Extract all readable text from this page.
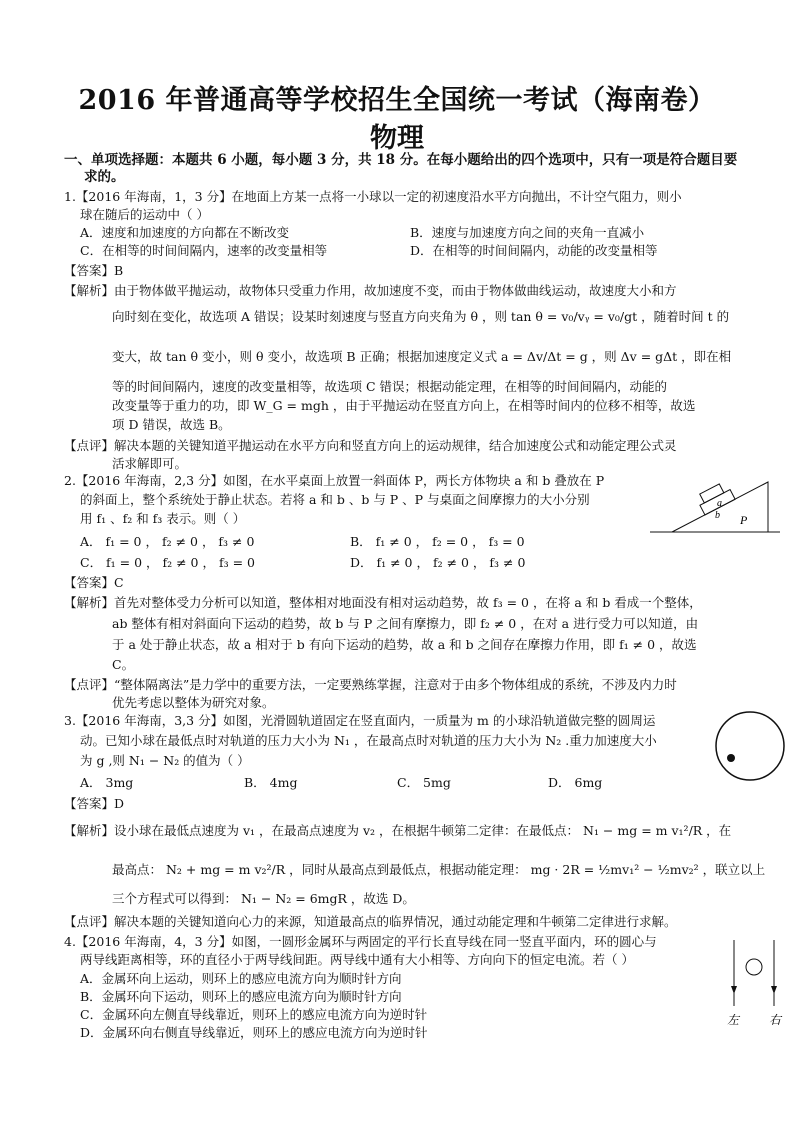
2016 年普通高等学校招生全国统一考试（海南卷）
物理
一、单项选择题：本题共 6 小题，每小题 3 分，共 18 分。在每小题给出的四个选项中，只有一项是符合题目要
求的。
1.【2016 年海南，1，3 分】在地面上方某一点将一小球以一定的初速度沿水平方向抛出，不计空气阻力，则小
球在随后的运动中（ ）
A．速度和加速度的方向都在不断改变	B．速度与加速度方向之间的夹角一直减小
C．在相等的时间间隔内，速率的改变量相等	D．在相等的时间间隔内，动能的改变量相等
【答案】B
【解析】由于物体做平抛运动，故物体只受重力作用，故加速度不变，而由于物体做曲线运动，故速度大小和方
向时刻在变化，故选项 A 错误；设某时刻速度与竖直方向夹角为 θ ，则 tan θ = v₀/vᵧ = v₀/gt ，随着时间 t 的
变大，故 tan θ 变小，则 θ 变小，故选项 B 正确；根据加速度定义式 a = Δv/Δt = g ，则 Δv = gΔt ，即在相
等的时间间隔内，速度的改变量相等，故选项 C 错误；根据动能定理，在相等的时间间隔内，动能的
改变量等于重力的功，即 W_G = mgh ，由于平抛运动在竖直方向上，在相等时间内的位移不相等，故选
项 D 错误，故选 B。
【点评】解决本题的关键知道平抛运动在水平方向和竖直方向上的运动规律，结合加速度公式和动能定理公式灵
活求解即可。
2.【2016 年海南，2,3 分】如图，在水平桌面上放置一斜面体 P，两长方体物块 a 和 b 叠放在 P
的斜面上，整个系统处于静止状态。若将 a 和 b 、b 与 P 、P 与桌面之间摩擦力的大小分别
用 f₁ 、f₂ 和 f₃ 表示。则（ ）
A． f₁ = 0 ， f₂ ≠ 0 ， f₃ ≠ 0	B． f₁ ≠ 0 ， f₂ = 0 ， f₃ = 0
C． f₁ = 0 ， f₂ ≠ 0 ， f₃ = 0	D． f₁ ≠ 0 ， f₂ ≠ 0 ， f₃ ≠ 0
【答案】C
【解析】首先对整体受力分析可以知道，整体相对地面没有相对运动趋势，故 f₃ = 0 ，在将 a 和 b 看成一个整体，
ab 整体有相对斜面向下运动的趋势，故 b 与 P 之间有摩擦力，即 f₂ ≠ 0 ，在对 a 进行受力可以知道，由
于 a 处于静止状态，故 a 相对于 b 有向下运动的趋势，故 a 和 b 之间存在摩擦力作用，即 f₁ ≠ 0 ，故选
C。
【点评】“整体隔离法”是力学中的重要方法，一定要熟练掌握，注意对于由多个物体组成的系统，不涉及内力时
优先考虑以整体为研究对象。
a
b P
3.【2016 年海南，3,3 分】如图，光滑圆轨道固定在竖直面内，一质量为 m 的小球沿轨道做完整的圆周运
动。已知小球在最低点时对轨道的压力大小为 N₁ ，在最高点时对轨道的压力大小为 N₂ .重力加速度大小
为 g ,则 N₁ − N₂ 的值为（ ）
A． 3mg	B． 4mg	C． 5mg	D． 6mg
【答案】D
【解析】设小球在最低点速度为 v₁ ，在最高点速度为 v₂ ，在根据牛顿第二定律：在最低点： N₁ − mg = m v₁²/R ，在
最高点： N₂ + mg = m v₂²/R ，同时从最高点到最低点，根据动能定理： mg · 2R = ½mv₁² − ½mv₂² ，联立以上
三个方程式可以得到： N₁ − N₂ = 6mgR ，故选 D。
【点评】解决本题的关键知道向心力的来源，知道最高点的临界情况，通过动能定理和牛顿第二定律进行求解。
4.【2016 年海南，4，3 分】如图，一圆形金属环与两固定的平行长直导线在同一竖直平面内，环的圆心与
两导线距离相等，环的直径小于两导线间距。两导线中通有大小相等、方向向下的恒定电流。若（ ）
A．金属环向上运动，则环上的感应电流方向为顺时针方向
B．金属环向下运动，则环上的感应电流方向为顺时针方向
C．金属环向左侧直导线靠近，则环上的感应电流方向为逆时针
D．金属环向右侧直导线靠近，则环上的感应电流方向为逆时针
左 右
